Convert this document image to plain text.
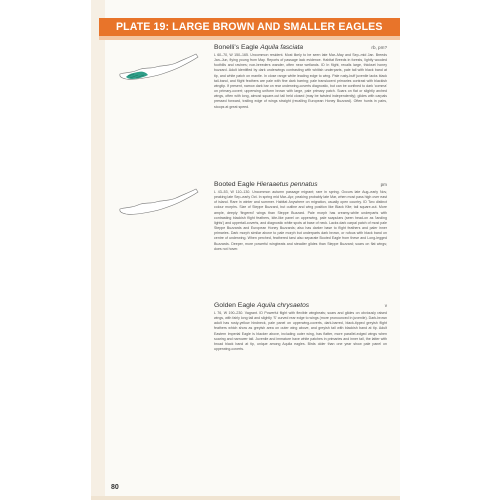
PLATE 19: LARGE BROWN AND SMALLER EAGLES
Bonelli's Eagle Aquila fasciata	rb, pm?

L 60–70, W 150–165. Uncommon resident. Most likely to be seen late Mar–May and Sep–mid Jan. Breeds Jan–Jun, flying young from May. Reports of passage lack evidence. Habitat Breeds in forests, lightly wooded foothills and ravines; non-breeders wander, often near wetlands. ID In flight, recalls large, thickset honey buzzard. Adult identified by dark underwings contrasting with whitish underparts, pale tail with black band at tip, and white patch on mantle. In close range white leading edge to wing. Pale rusty-buff juvenile lacks black tail-band, and flight feathers are pale with fine dark barring; pale translucent primaries contrast with blackish wingtip. If present, narrow dark bar on rear underwing-coverts diagnostic, but can be confined to dark 'comma' on primary-covert; upperwing uniform brown with large, pale primary patch. Soars on flat or slightly arched wings, often with long, almost square-cut tail held closed (may be twisted independently); glides with carpals pressed forward, trailing edge of wings straight (recalling European Honey Buzzard). Often hunts in pairs, stoops at great speed.

Booted Eagle Hieraaetus pennatus	pm

L 43–53, W 110–130. Uncommon autumn passage migrant; rare in spring. Occurs late Aug–early Nov, peaking late Sep–early Oct. In spring mid Mar–Apr, peaking probably late Mar, when most pass high over east of island. Rare in winter and summer. Habitat Anywhere on migration, usually open country. ID Two distinct colour morphs. Size of Steppe Buzzard, but outline and wing position like Black Kite; tail square-cut. More ample, deeply 'fingered' wings than Steppe Buzzard. Pale morph has creamy-white underparts with contrasting blackish flight feathers, kite-like panel on upperwing, pale scapulars (seen head-on as 'landing lights') and uppertail-coverts, and diagnostic white spots at base of neck. Lacks dark carpal patch of most pale Steppe Buzzards and European Honey Buzzards; also has darker base to flight feathers and paler inner primaries. Dark morph similar above to pale morph but underparts dark brown, or rufous with black band on centre of underwing. When perched, feathered tarsi also separate Booted Eagle from these and Long-legged Buzzards. Deeper, more powerful wingbeats and steadier glides than Steppe Buzzard; soars on flat wings; does not hover.

Golden Eagle Aquila chrysaetos	v

L 76, W 190–230. Vagrant. ID Powerful flight with flexible wingbeats; soars and glides on obviously raised wings, with fairly long tail and slightly 'S' curved rear edge to wings (more pronounced in juvenile). Dark-brown adult has rusty-yellow hindneck, pale panel on upperwing-coverts, dark-barred, black-tipped greyish flight feathers which show as greyish area on outer wing above, and greyish tail with blackish band at tip. Adult Eastern Imperial Eagle is blacker above, including outer wing, has flatter, more parallel-edged wings when soaring and narrower tail. Juvenile and immature have white patches in primaries and inner tail, the latter with broad black band at tip, unique among Aquila eagles. Birds older than one year show pale panel on upperwing-coverts.

80
